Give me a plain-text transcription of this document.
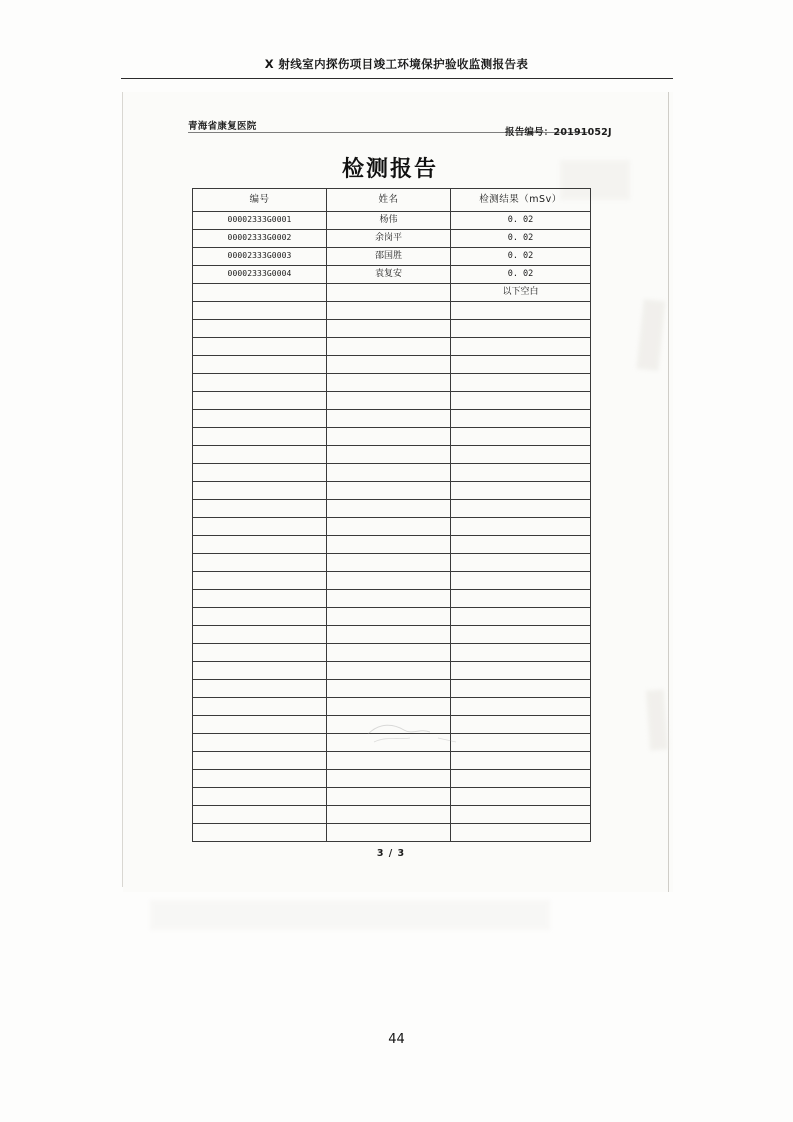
X 射线室内探伤项目竣工环境保护验收监测报告表
青海省康复医院
报告编号：20191052J
检测报告
编号	姓名	检测结果（mSv）
00002333G0001	杨伟	0. 02
00002333G0002	余岗平	0. 02
00002333G0003	邵国胜	0. 02
00002333G0004	袁复安	0. 02
		以下空白

3 / 3
44
